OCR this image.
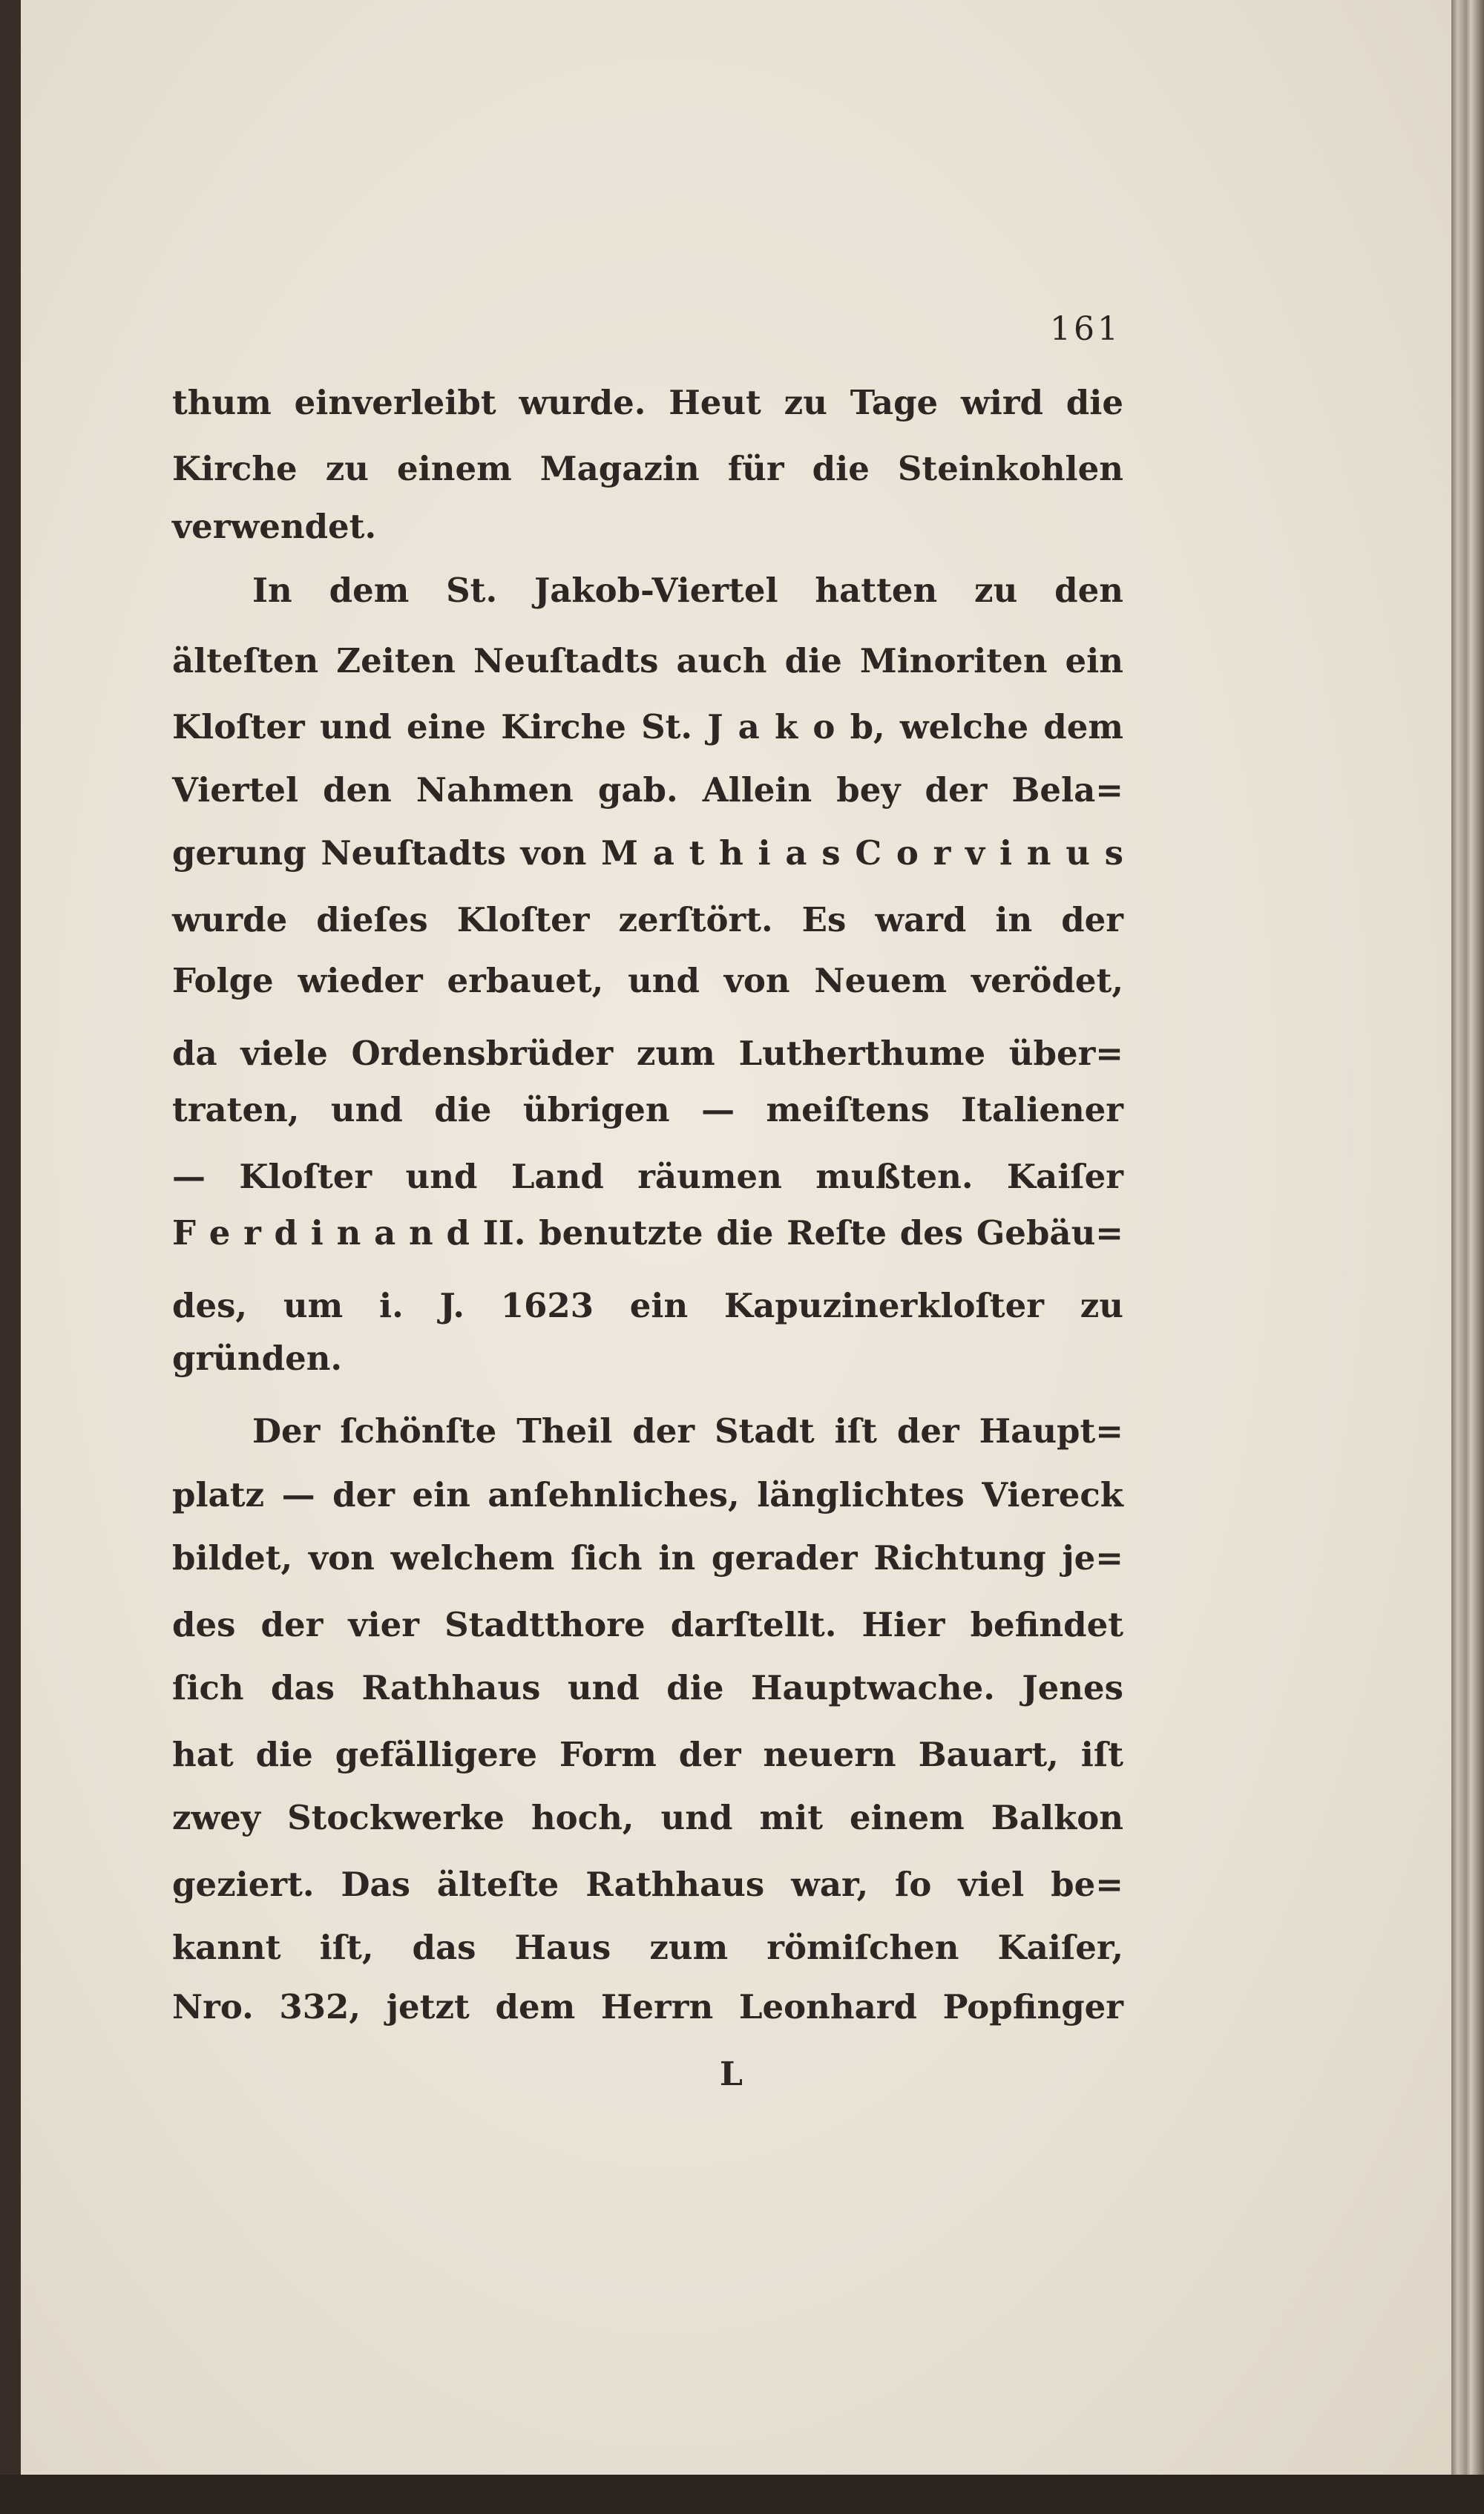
161
thum einverleibt wurde. Heut zu Tage wird die
Kirche zu einem Magazin für die Steinkohlen
verwendet.
In dem St. Jakob-Viertel hatten zu den
älteſten Zeiten Neuſtadts auch die Minoriten ein
Kloſter und eine Kirche St. J a k o b, welche dem
Viertel den Nahmen gab. Allein bey der Bela=
gerung Neuſtadts von M a t h i a s C o r v i n u s
wurde dieſes Kloſter zerſtört. Es ward in der
Folge wieder erbauet, und von Neuem verödet,
da viele Ordensbrüder zum Lutherthume über=
traten, und die übrigen — meiſtens Italiener
— Kloſter und Land räumen mußten. Kaiſer
F e r d i n a n d II. benutzte die Reſte des Gebäu=
des, um i. J. 1623 ein Kapuzinerkloſter zu
gründen.
Der ſchönſte Theil der Stadt iſt der Haupt=
platz — der ein anſehnliches, länglichtes Viereck
bildet, von welchem ſich in gerader Richtung je=
des der vier Stadtthore darſtellt. Hier befindet
ſich das Rathhaus und die Hauptwache. Jenes
hat die gefälligere Form der neuern Bauart, iſt
zwey Stockwerke hoch, und mit einem Balkon
geziert. Das älteſte Rathhaus war, ſo viel be=
kannt iſt, das Haus zum römiſchen Kaiſer,
Nro. 332, jetzt dem Herrn Leonhard Popfinger
L
